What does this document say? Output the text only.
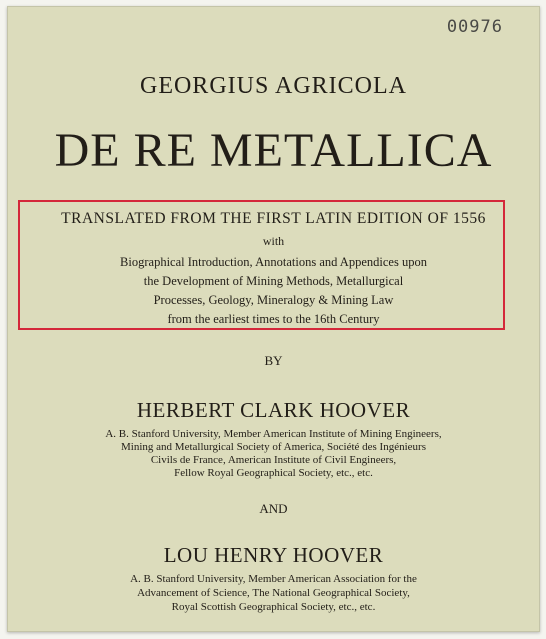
00976
GEORGIUS AGRICOLA
DE RE METALLICA
TRANSLATED FROM THE FIRST LATIN EDITION OF 1556
with
Biographical Introduction, Annotations and Appendices upon
the Development of Mining Methods, Metallurgical
Processes, Geology, Mineralogy & Mining Law
from the earliest times to the 16th Century
BY
HERBERT CLARK HOOVER
A. B. Stanford University, Member American Institute of Mining Engineers,
Mining and Metallurgical Society of America, Société des Ingénieurs
Civils de France, American Institute of Civil Engineers,
Fellow Royal Geographical Society, etc., etc.
AND
LOU HENRY HOOVER
A. B. Stanford University, Member American Association for the
Advancement of Science, The National Geographical Society,
Royal Scottish Geographical Society, etc., etc.
